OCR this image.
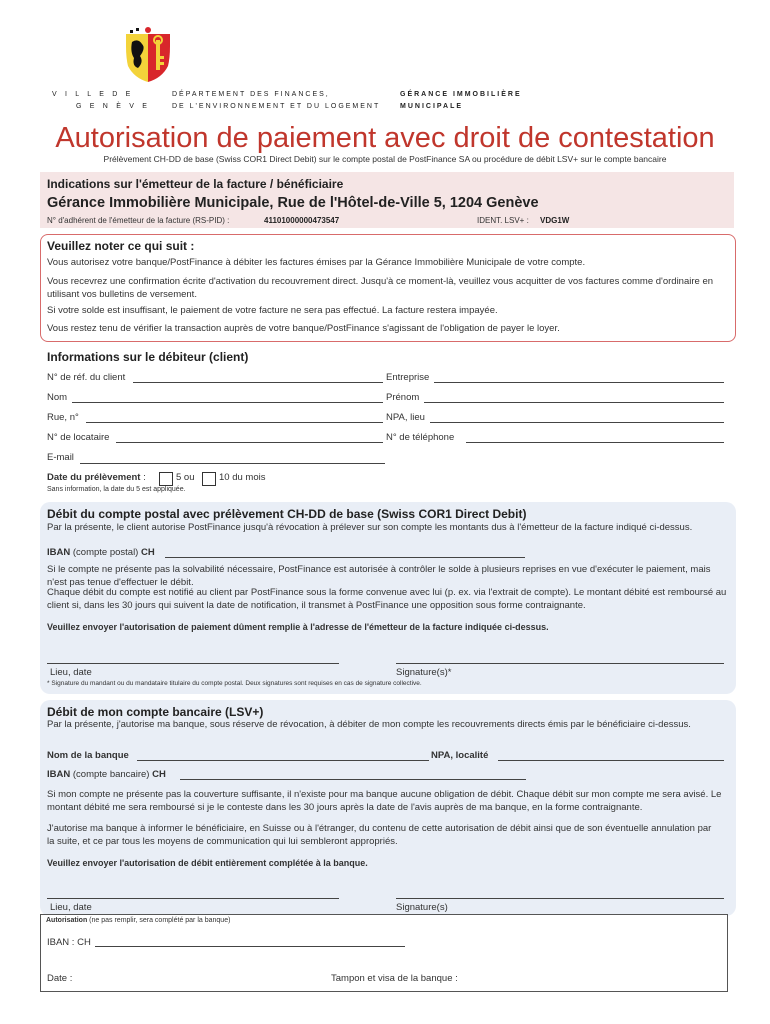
V I L L E D E
G E N È V E
DÉPARTEMENT DES FINANCES,
DE L'ENVIRONNEMENT ET DU LOGEMENT
GÉRANCE IMMOBILIÈRE
MUNICIPALE
Autorisation de paiement avec droit de contestation
Prélèvement CH-DD de base (Swiss COR1 Direct Debit) sur le compte postal de PostFinance SA ou procédure de débit LSV+ sur le compte bancaire
Indications sur l'émetteur de la facture / bénéficiaire
Gérance Immobilière Municipale, Rue de l'Hôtel-de-Ville 5, 1204 Genève
N° d'adhérent de l'émetteur de la facture (RS-PID) :	41101000000473547	IDENT. LSV+ : VDG1W
Veuillez noter ce qui suit :
Vous autorisez votre banque/PostFinance à débiter les factures émises par la Gérance Immobilière Municipale de votre compte.
Vous recevrez une confirmation écrite d'activation du recouvrement direct. Jusqu'à ce moment-là, veuillez vous acquitter de vos factures comme d'ordinaire en utilisant vos bulletins de versement.
Si votre solde est insuffisant, le paiement de votre facture ne sera pas effectué. La facture restera impayée.
Vous restez tenu de vérifier la transaction auprès de votre banque/PostFinance s'agissant de l'obligation de payer le loyer.
Informations sur le débiteur (client)
N° de réf. du client	Entreprise
Nom	Prénom
Rue, n°	NPA, lieu
N° de locataire	N° de téléphone
E-mail
Date du prélèvement :	5 ou	10 du mois
Sans information, la date du 5 est appliquée.
Débit du compte postal avec prélèvement CH-DD de base (Swiss COR1 Direct Debit)
Par la présente, le client autorise PostFinance jusqu'à révocation à prélever sur son compte les montants dus à l'émetteur de la facture indiqué ci-dessus.
IBAN (compte postal) CH
Si le compte ne présente pas la solvabilité nécessaire, PostFinance est autorisée à contrôler le solde à plusieurs reprises en vue d'exécuter le paiement, mais n'est pas tenue d'effectuer le débit.
Chaque débit du compte est notifié au client par PostFinance sous la forme convenue avec lui (p. ex. via l'extrait de compte). Le montant débité est remboursé au client si, dans les 30 jours qui suivent la date de notification, il transmet à PostFinance une opposition sous forme contraignante.
Veuillez envoyer l'autorisation de paiement dûment remplie à l'adresse de l'émetteur de la facture indiquée ci-dessus.
Lieu, date	Signature(s)*
* Signature du mandant ou du mandataire titulaire du compte postal. Deux signatures sont requises en cas de signature collective.
Débit de mon compte bancaire (LSV+)
Par la présente, j'autorise ma banque, sous réserve de révocation, à débiter de mon compte les recouvrements directs émis par le bénéficiaire ci-dessus.
Nom de la banque	NPA, localité
IBAN (compte bancaire) CH
Si mon compte ne présente pas la couverture suffisante, il n'existe pour ma banque aucune obligation de débit. Chaque débit sur mon compte me sera avisé. Le montant débité me sera remboursé si je le conteste dans les 30 jours après la date de l'avis auprès de ma banque, en la forme contraignante.
J'autorise ma banque à informer le bénéficiaire, en Suisse ou à l'étranger, du contenu de cette autorisation de débit ainsi que de son éventuelle annulation par la suite, et ce par tous les moyens de communication qui lui sembleront appropriés.
Veuillez envoyer l'autorisation de débit entièrement complétée à la banque.
Lieu, date	Signature(s)
Autorisation (ne pas remplir, sera complété par la banque)
IBAN : CH
Date :	Tampon et visa de la banque :
